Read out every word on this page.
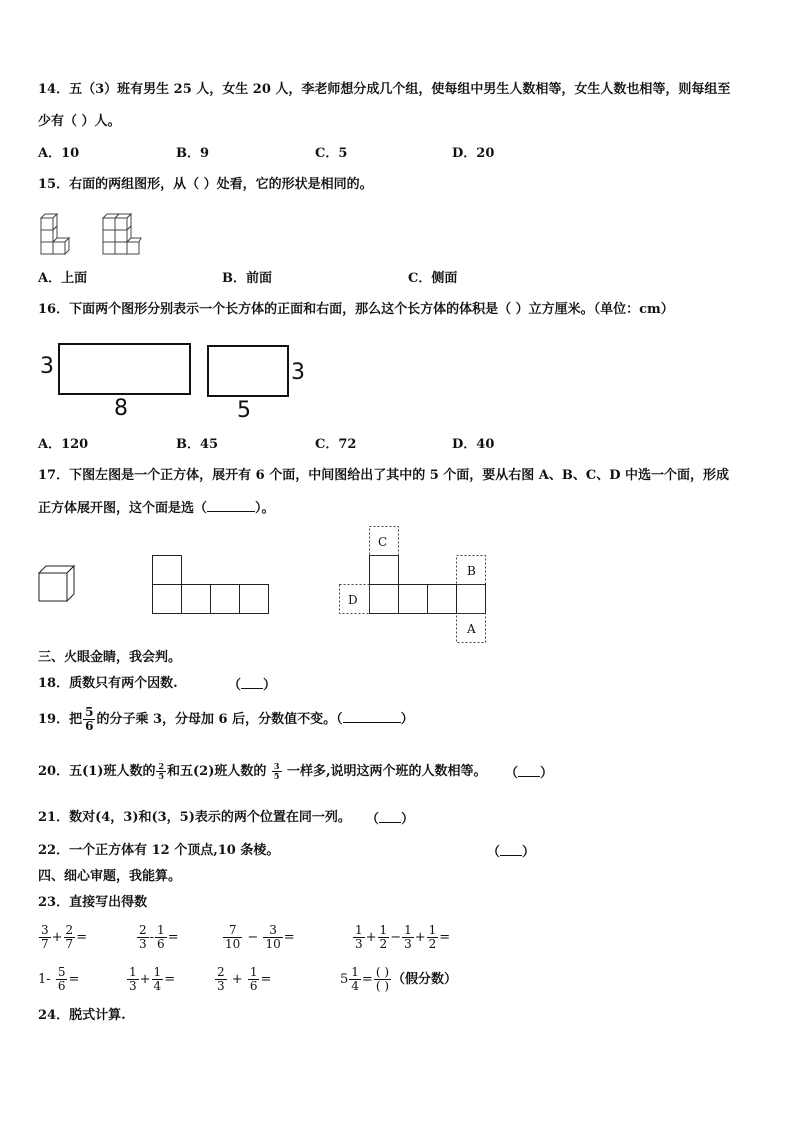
14．五（3）班有男生 25 人，女生 20 人，李老师想分成几个组，使每组中男生人数相等，女生人数也相等，则每组至
少有（ ）人。
A．10	B．9	C．5	D．20
15．右面的两组图形，从（ ）处看，它的形状是相同的。
A．上面	B．前面	C．侧面
16．下面两个图形分别表示一个长方体的正面和右面，那么这个长方体的体积是（ ）立方厘米。（单位：cm）
3
8
3
5
A．120	B．45	C．72	D．40
17．下图左图是一个正方体，展开有 6 个面，中间图给出了其中的 5 个面，要从右图 A、B、C、D 中选一个面，形成
正方体展开图，这个面是选（	）。
C
B
D
A
三、火眼金睛，我会判。
18．质数只有两个因数.	（ ）
19．把 $\frac{5}{6}$ 的分子乘 3，分母加 6 后，分数值不变。（	）
20．五(1)班人数的 $\frac{2}{5}$ 和五(2)班人数的 $\frac{3}{5}$ 一样多,说明这两个班的人数相等。 （ ）
21．数对(4，3)和(3，5)表示的两个位置在同一列。 （ ）
22．一个正方体有 12 个顶点,10 条棱。	（ ）
四、细心审题，我能算。
23．直接写出得数
$\frac{3}{7} + \frac{2}{7}$ =	$\frac{2}{3} - \frac{1}{6}$ =	$\frac{7}{10} - \frac{3}{10}$ =	$\frac{1}{3} + \frac{1}{2} - \frac{1}{3} + \frac{1}{2}$ =
$1- \frac{5}{6}$ =	$\frac{1}{3} + \frac{1}{4}$ =	$\frac{2}{3} + \frac{1}{6}$ =	$5 \frac{1}{4} = \frac{( )}{( )}$ （假分数）
24．脱式计算.
